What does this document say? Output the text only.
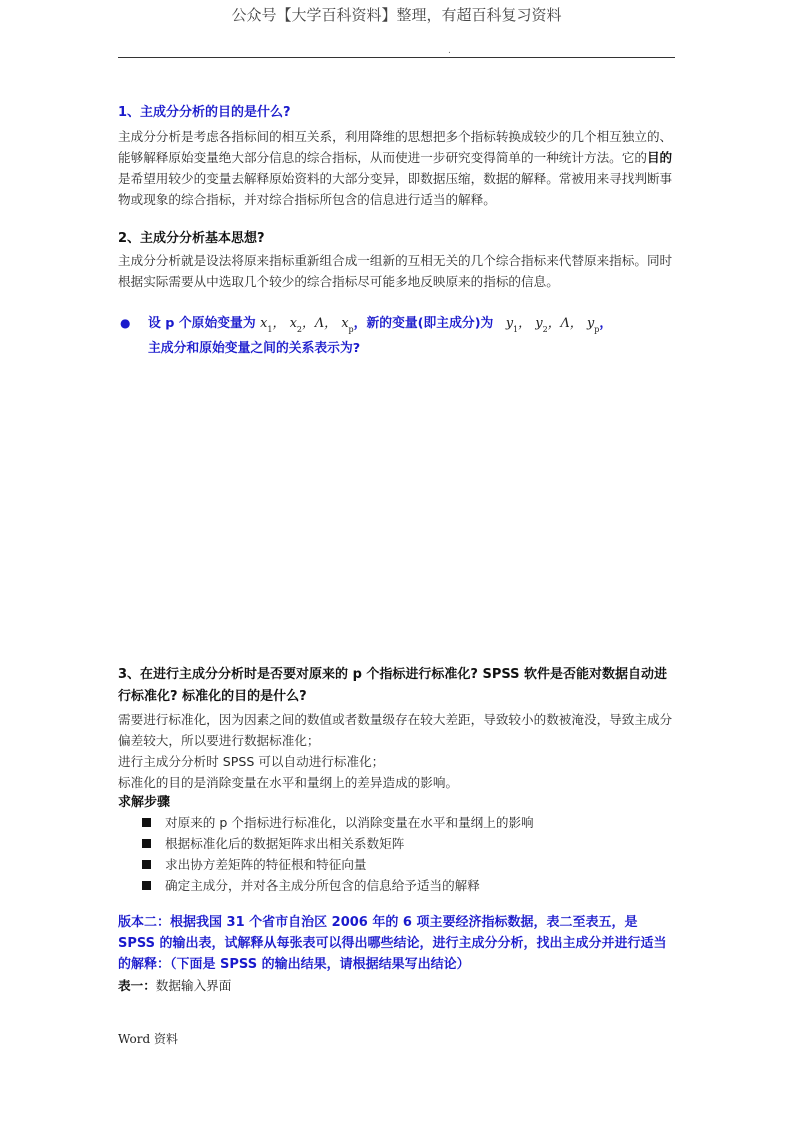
公众号【大学百科资料】整理，有超百科复习资料
.
1、主成分分析的目的是什么?

主成分分析是考虑各指标间的相互关系，利用降维的思想把多个指标转换成较少的几个相互独立的、能够解释原始变量绝大部分信息的综合指标，从而使进一步研究变得简单的一种统计方法。它的目的是希望用较少的变量去解释原始资料的大部分变异，即数据压缩，数据的解释。常被用来寻找判断事物或现象的综合指标，并对综合指标所包含的信息进行适当的解释。

2、主成分分析基本思想?

主成分分析就是设法将原来指标重新组合成一组新的互相无关的几个综合指标来代替原来指标。同时根据实际需要从中选取几个较少的综合指标尽可能多地反映原来的指标的信息。

● 设 p 个原始变量为 $x_1$， $x_2$，Λ， $x_p$，新的变量(即主成分)为 $y_1$， $y_2$，Λ， $y_p$，
主成分和原始变量之间的关系表示为?
3、在进行主成分分析时是否要对原来的 p 个指标进行标准化? SPSS 软件是否能对数据自动进行标准化? 标准化的目的是什么?

需要进行标准化，因为因素之间的数值或者数量级存在较大差距，导致较小的数被淹没，导致主成分偏差较大，所以要进行数据标准化；

进行主成分分析时 SPSS 可以自动进行标准化；

标准化的目的是消除变量在水平和量纲上的差异造成的影响。

求解步骤
对原来的 p 个指标进行标准化，以消除变量在水平和量纲上的影响
根据标准化后的数据矩阵求出相关系数矩阵
求出协方差矩阵的特征根和特征向量
确定主成分，并对各主成分所包含的信息给予适当的解释
版本二：根据我国 31 个省市自治区 2006 年的 6 项主要经济指标数据，表二至表五，是 SPSS 的输出表，试解释从每张表可以得出哪些结论，进行主成分分析，找出主成分并进行适当的解释：（下面是 SPSS 的输出结果，请根据结果写出结论）
表一：数据输入界面
Word 资料
